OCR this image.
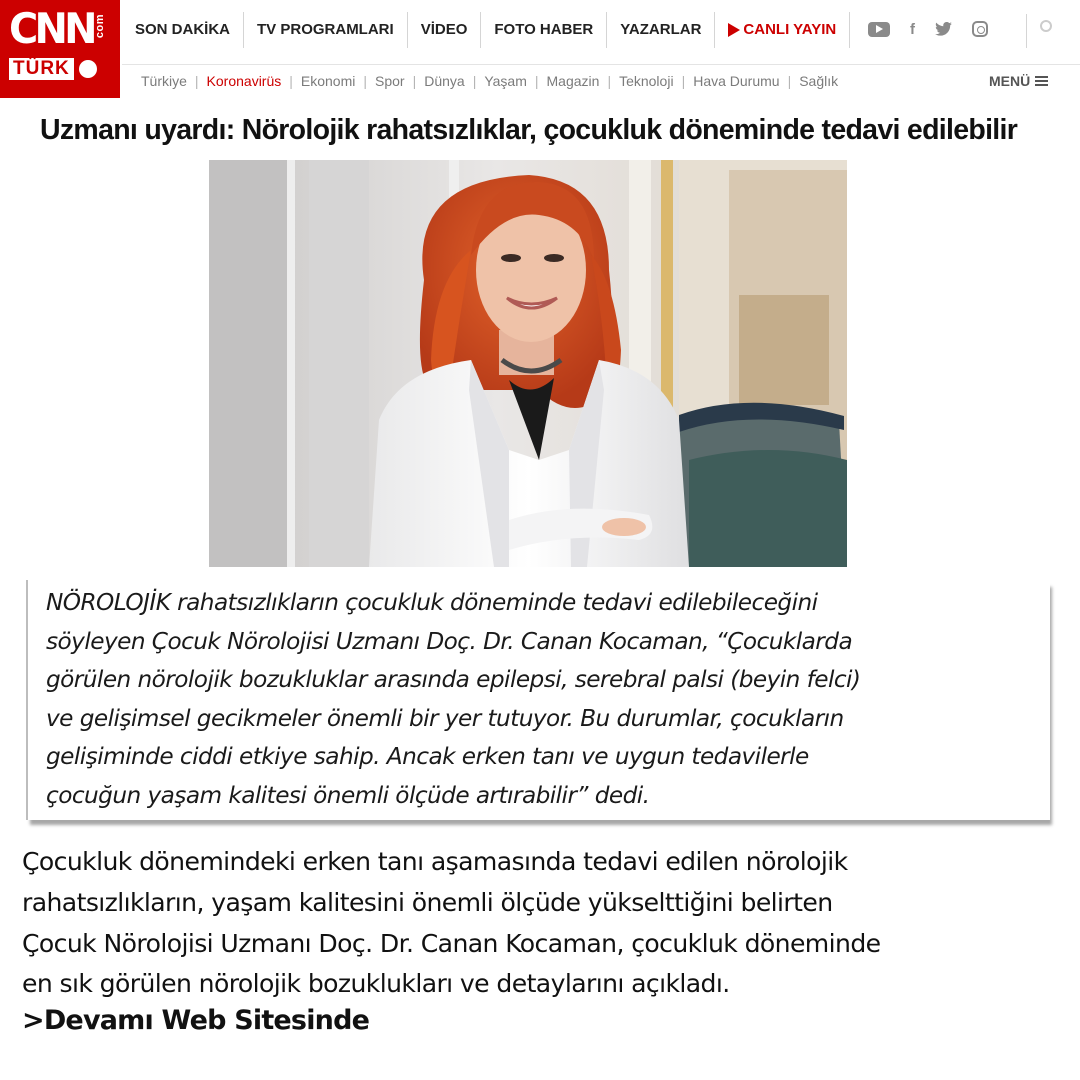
CNN com
TÜRK
SON DAKİKA	TV PROGRAMLARI	VİDEO	FOTO HABER	YAZARLAR	CANLI YAYIN	f
Türkiye | Koronavirüs | Ekonomi | Spor | Dünya | Yaşam | Magazin | Teknoloji | Hava Durumu | Sağlık	MENÜ
Uzmanı uyardı: Nörolojik rahatsızlıklar, çocukluk döneminde tedavi edilebilir

NÖROLOJİK rahatsızlıkların çocukluk döneminde tedavi edilebileceğini

söyleyen Çocuk Nörolojisi Uzmanı Doç. Dr. Canan Kocaman, “Çocuklarda

görülen nörolojik bozukluklar arasında epilepsi, serebral palsi (beyin felci)

ve gelişimsel gecikmeler önemli bir yer tutuyor. Bu durumlar, çocukların

gelişiminde ciddi etkiye sahip. Ancak erken tanı ve uygun tedavilerle

çocuğun yaşam kalitesi önemli ölçüde artırabilir” dedi.

Çocukluk dönemindeki erken tanı aşamasında tedavi edilen nörolojik
rahatsızlıkların, yaşam kalitesini önemli ölçüde yükselttiğini belirten
Çocuk Nörolojisi Uzmanı Doç. Dr. Canan Kocaman, çocukluk döneminde
en sık görülen nörolojik bozuklukları ve detaylarını açıkladı.
>Devamı Web Sitesinde
